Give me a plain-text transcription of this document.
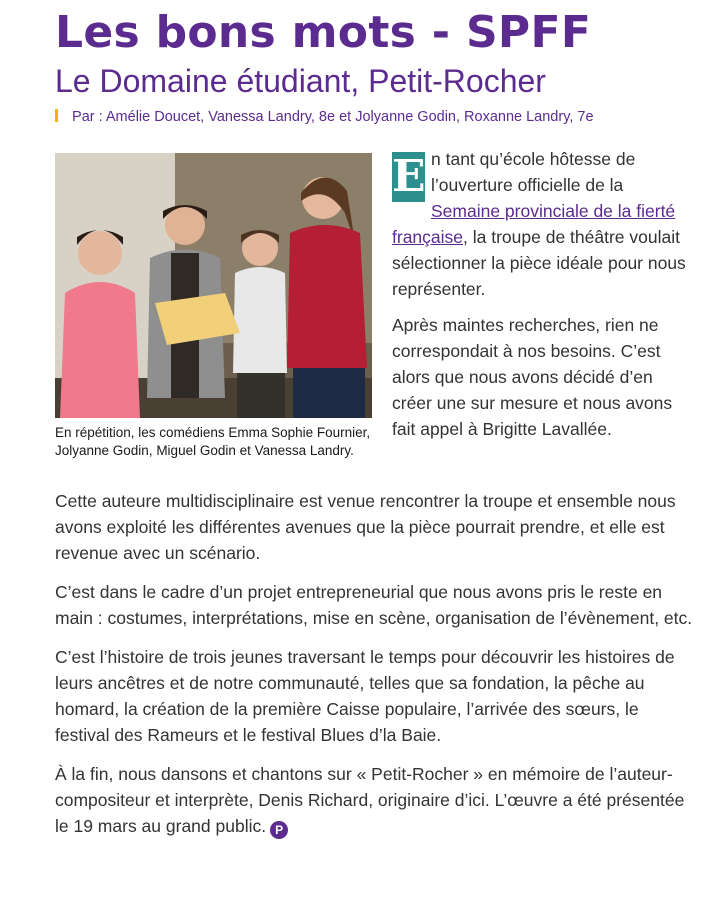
Les bons mots - SPFF
Le Domaine étudiant, Petit-Rocher
Par : Amélie Doucet, Vanessa Landry, 8e et Jolyanne Godin, Roxanne Landry, 7e
En répétition, les comédiens Emma Sophie Fournier, Jolyanne Godin, Miguel Godin et Vanessa Landry.

E n tant qu’école hôtesse de l’ouverture officielle de la Semaine provinciale de la fierté française, la troupe de théâtre voulait sélectionner la pièce idéale pour nous représenter.

Après maintes recherches, rien ne correspondait à nos besoins. C’est alors que nous avons décidé d’en créer une sur mesure et nous avons fait appel à Brigitte Lavallée.

Cette auteure multidisciplinaire est venue rencontrer la troupe et ensemble nous avons exploité les différentes avenues que la pièce pourrait prendre, et elle est revenue avec un scénario.

C’est dans le cadre d’un projet entrepreneurial que nous avons pris le reste en main : costumes, interprétations, mise en scène, organisation de l’évènement, etc.

C’est l’histoire de trois jeunes traversant le temps pour découvrir les histoires de leurs ancêtres et de notre communauté, telles que sa fondation, la pêche au homard, la création de la première Caisse populaire, l’arrivée des sœurs, le festival des Rameurs et le festival Blues d’la Baie.

À la fin, nous dansons et chantons sur « Petit-Rocher » en mémoire de l’auteur-compositeur et interprète, Denis Richard, originaire d’ici. L’œuvre a été présentée le 19 mars au grand public. P
